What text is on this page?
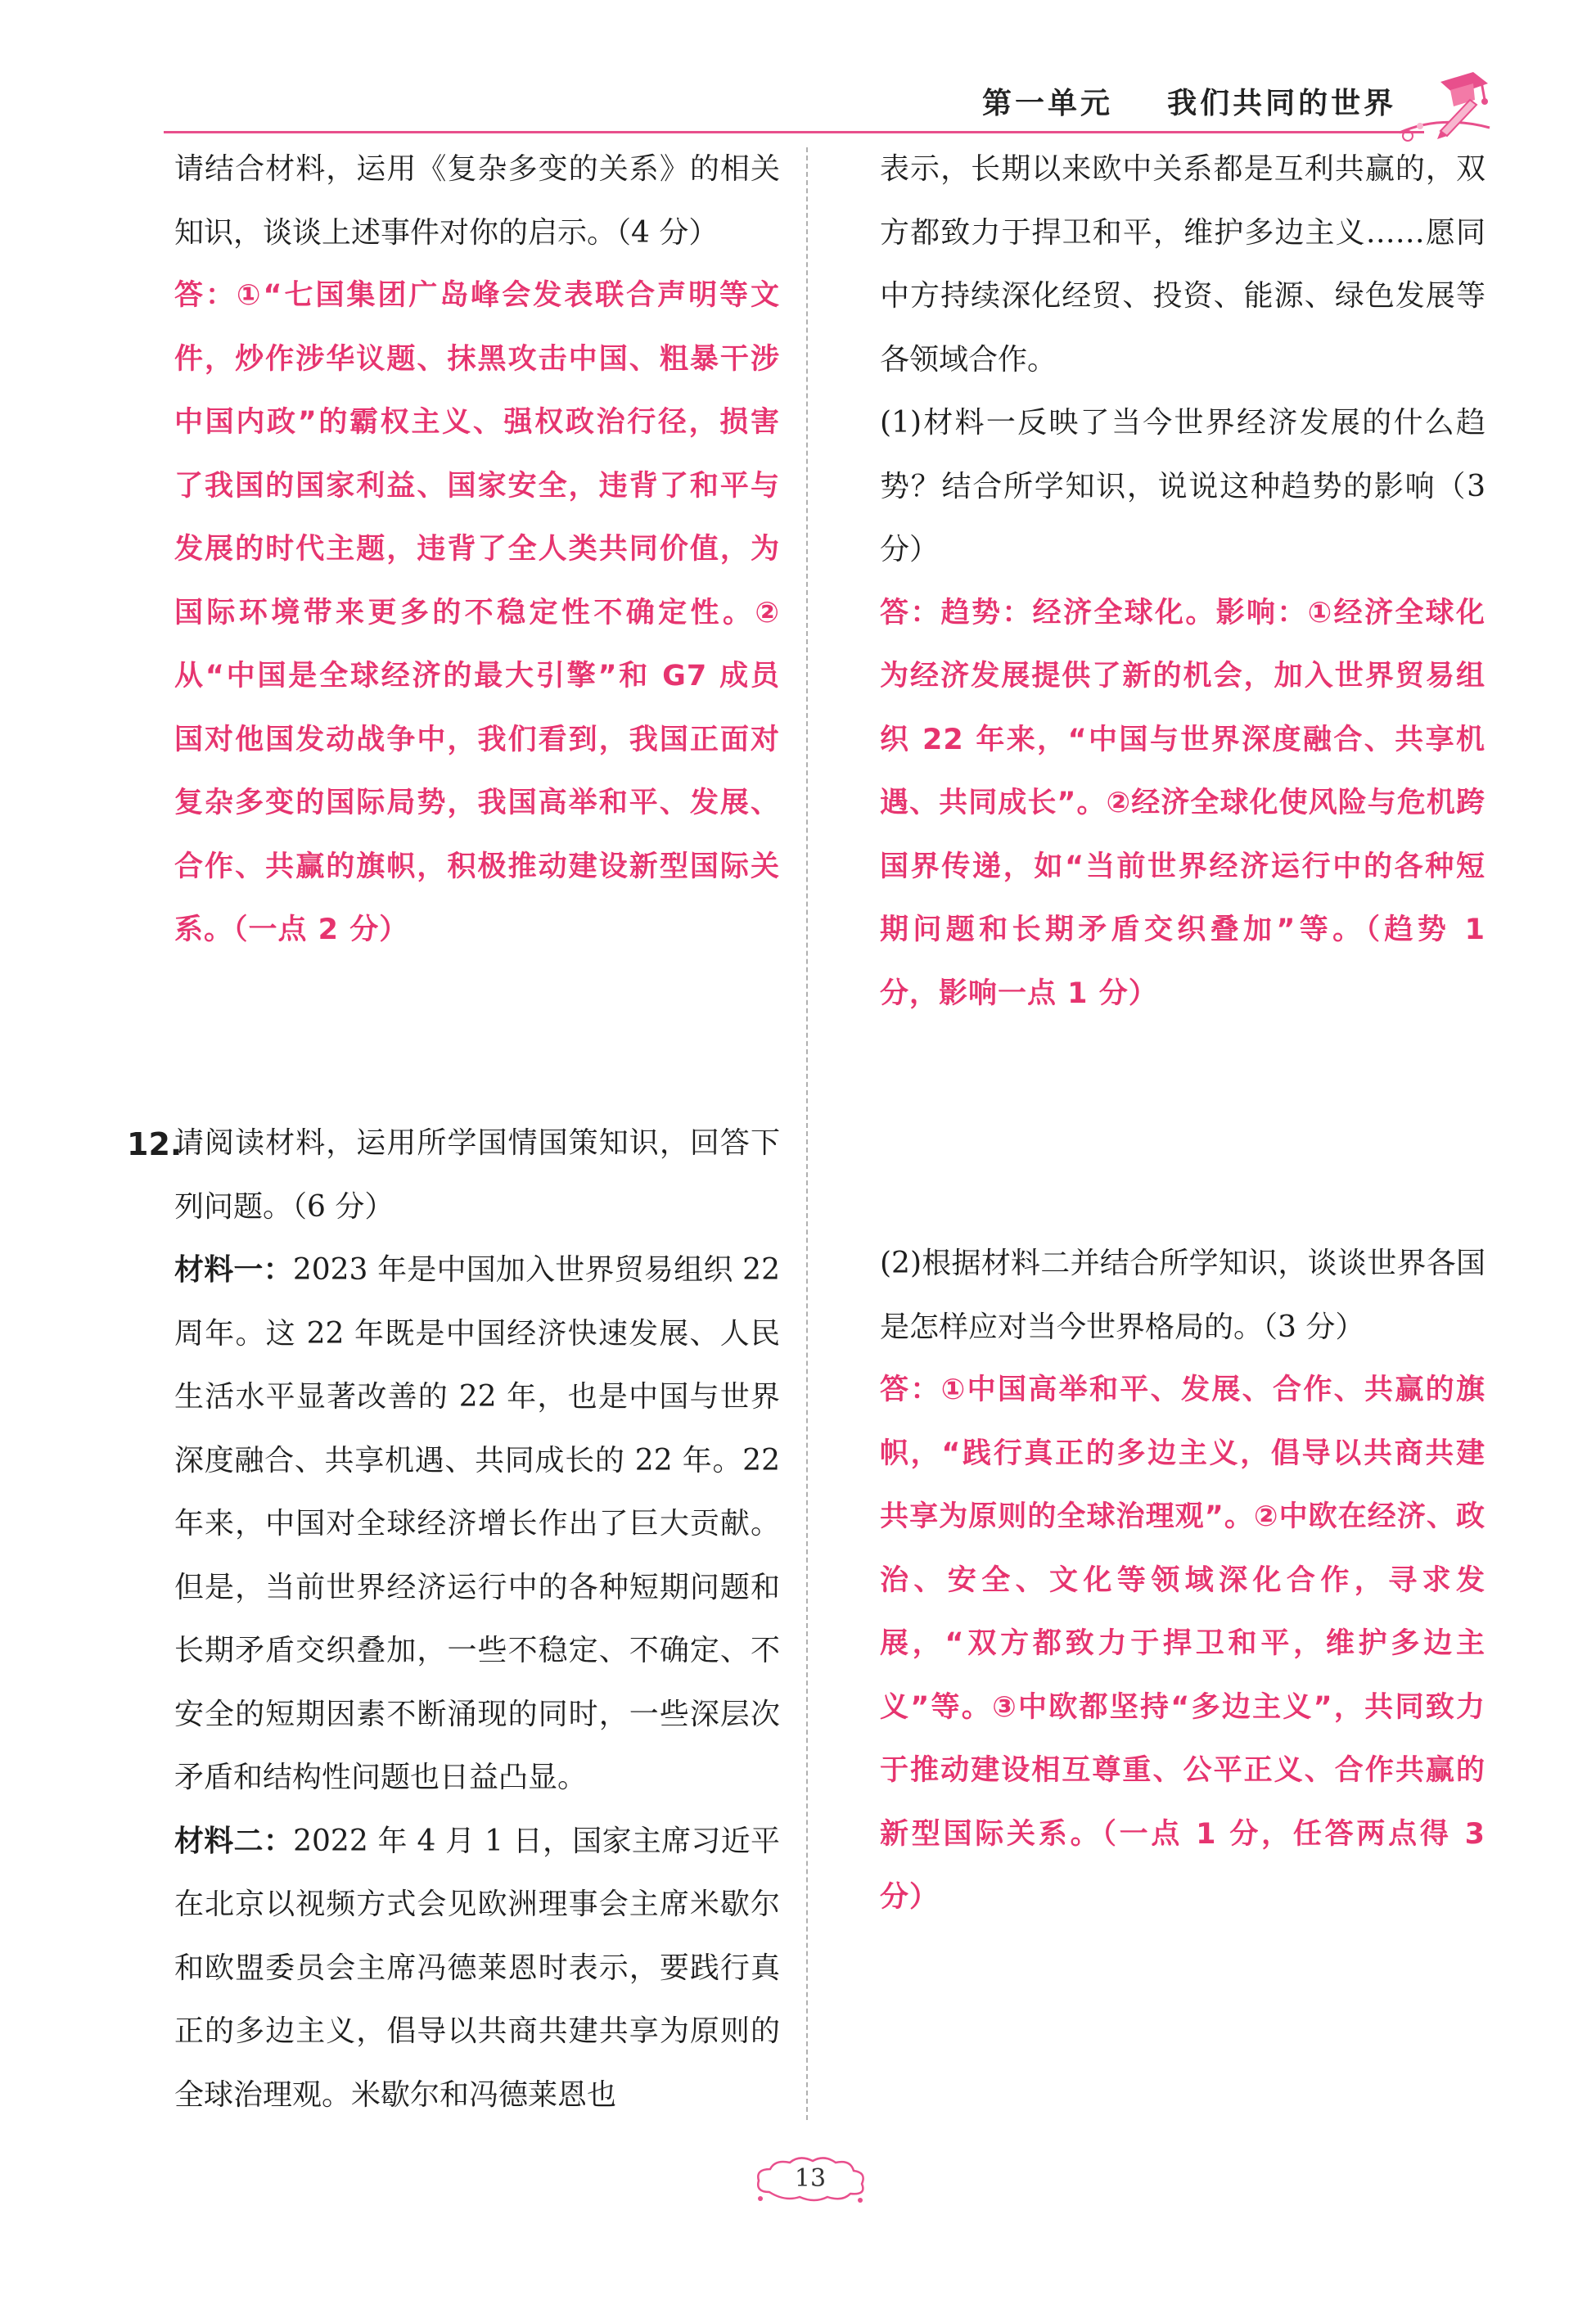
第一单元    我们共同的世界

请结合材料，运用《复杂多变的关系》的相关知识，谈谈上述事件对你的启示。（4 分）

答：①“七国集团广岛峰会发表联合声明等文件，炒作涉华议题、抹黑攻击中国、粗暴干涉中国内政”的霸权主义、强权政治行径，损害了我国的国家利益、国家安全，违背了和平与发展的时代主题，违背了全人类共同价值，为国际环境带来更多的不稳定性不确定性。②从“中国是全球经济的最大引擎”和 G7 成员国对他国发动战争中，我们看到，我国正面对复杂多变的国际局势，我国高举和平、发展、合作、共赢的旗帜，积极推动建设新型国际关系。（一点 2 分）

12.

请阅读材料，运用所学国情国策知识，回答下列问题。（6 分）

材料一：2023 年是中国加入世界贸易组织 22 周年。这 22 年既是中国经济快速发展、人民生活水平显著改善的 22 年，也是中国与世界深度融合、共享机遇、共同成长的 22 年。22 年来，中国对全球经济增长作出了巨大贡献。但是，当前世界经济运行中的各种短期问题和长期矛盾交织叠加，一些不稳定、不确定、不安全的短期因素不断涌现的同时，一些深层次矛盾和结构性问题也日益凸显。

材料二：2022 年 4 月 1 日，国家主席习近平在北京以视频方式会见欧洲理事会主席米歇尔和欧盟委员会主席冯德莱恩时表示，要践行真正的多边主义，倡导以共商共建共享为原则的全球治理观。米歇尔和冯德莱恩也

表示，长期以来欧中关系都是互利共赢的，双方都致力于捍卫和平，维护多边主义……愿同中方持续深化经贸、投资、能源、绿色发展等各领域合作。

(1)材料一反映了当今世界经济发展的什么趋势？结合所学知识，说说这种趋势的影响（3 分）

答：趋势：经济全球化。影响：①经济全球化为经济发展提供了新的机会，加入世界贸易组织 22 年来，“中国与世界深度融合、共享机遇、共同成长”。②经济全球化使风险与危机跨国界传递，如“当前世界经济运行中的各种短期问题和长期矛盾交织叠加”等。（趋势 1 分，影响一点 1 分）

(2)根据材料二并结合所学知识，谈谈世界各国是怎样应对当今世界格局的。（3 分）

答：①中国高举和平、发展、合作、共赢的旗帜，“践行真正的多边主义，倡导以共商共建共享为原则的全球治理观”。②中欧在经济、政治、安全、文化等领域深化合作，寻求发展，“双方都致力于捍卫和平，维护多边主义”等。③中欧都坚持“多边主义”，共同致力于推动建设相互尊重、公平正义、合作共赢的新型国际关系。（一点 1 分，任答两点得 3 分）

13
